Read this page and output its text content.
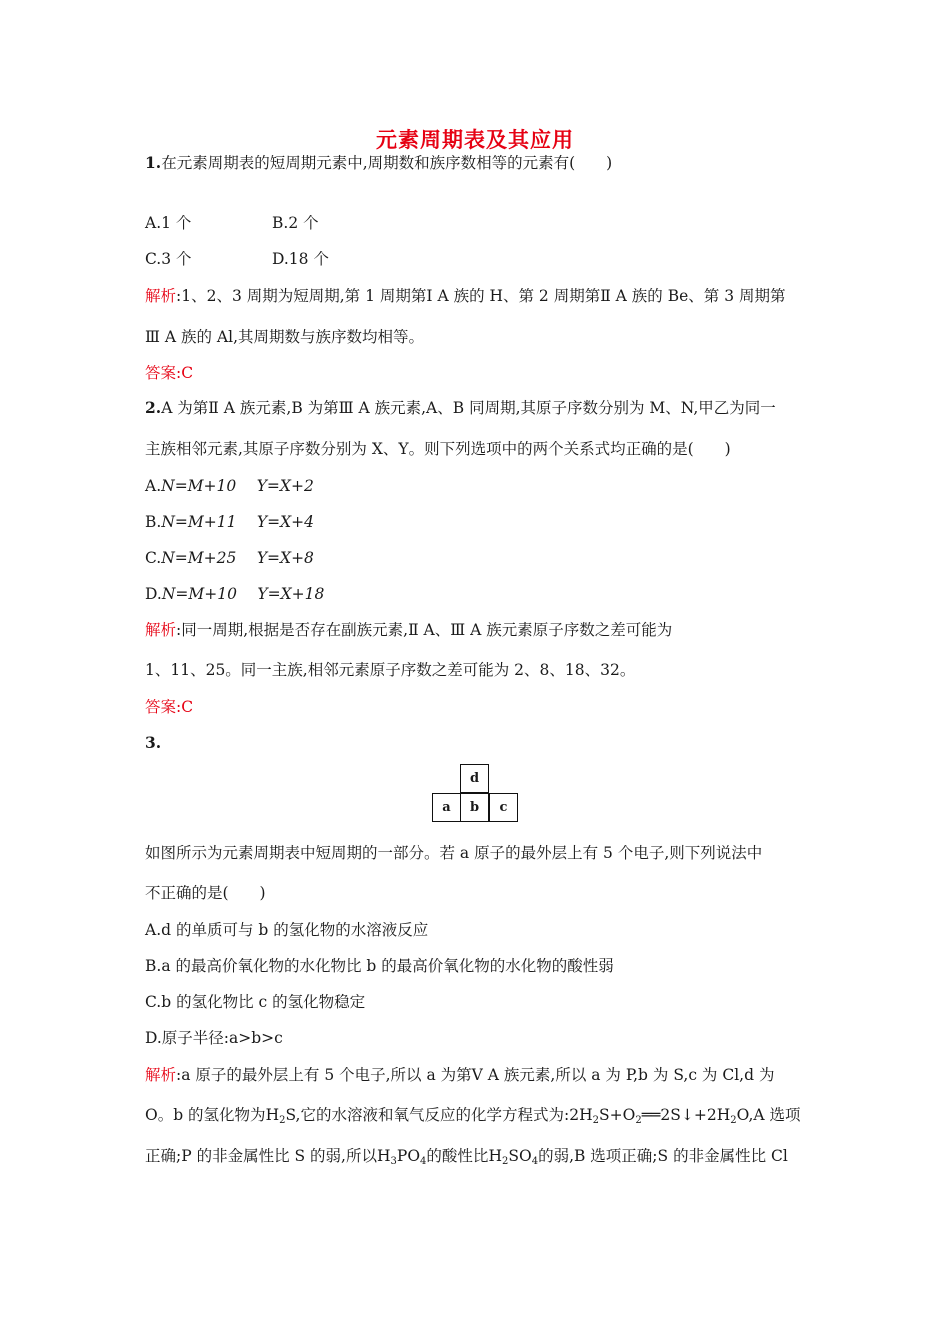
元素周期表及其应用
1.在元素周期表的短周期元素中,周期数和族序数相等的元素有(　　)
A.1 个	B.2 个
C.3 个	D.18 个
解析:1、2、3 周期为短周期,第 1 周期第Ⅰ A 族的 H、第 2 周期第Ⅱ A 族的 Be、第 3 周期第
Ⅲ A 族的 Al,其周期数与族序数均相等。
答案:C
2.A 为第Ⅱ A 族元素,B 为第Ⅲ A 族元素,A、B 同周期,其原子序数分别为 M、N,甲乙为同一
主族相邻元素,其原子序数分别为 X、Y。则下列选项中的两个关系式均正确的是(　　)
A.N=M+10　 Y=X+2
B.N=M+11　 Y=X+4
C.N=M+25　 Y=X+8
D.N=M+10　 Y=X+18
解析:同一周期,根据是否存在副族元素,Ⅱ A、Ⅲ A 族元素原子序数之差可能为
1、11、25。同一主族,相邻元素原子序数之差可能为 2、8、18、32。
答案:C
3.
d
a	b	c
如图所示为元素周期表中短周期的一部分。若 a 原子的最外层上有 5 个电子,则下列说法中
不正确的是(　　)
A.d 的单质可与 b 的氢化物的水溶液反应
B.a 的最高价氧化物的水化物比 b 的最高价氧化物的水化物的酸性弱
C.b 的氢化物比 c 的氢化物稳定
D.原子半径:a>b>c
解析:a 原子的最外层上有 5 个电子,所以 a 为第Ⅴ A 族元素,所以 a 为 P,b 为 S,c 为 Cl,d 为
O。b 的氢化物为$H_2S$,它的水溶液和氧气反应的化学方程式为$:2H_2S+O_2══2S↓+2H_2O,A$ 选项
正确;P 的非金属性比 S 的弱,所以$H_3PO_4$的酸性比$H_2SO_4$的弱,B 选项正确;S 的非金属性比 Cl
